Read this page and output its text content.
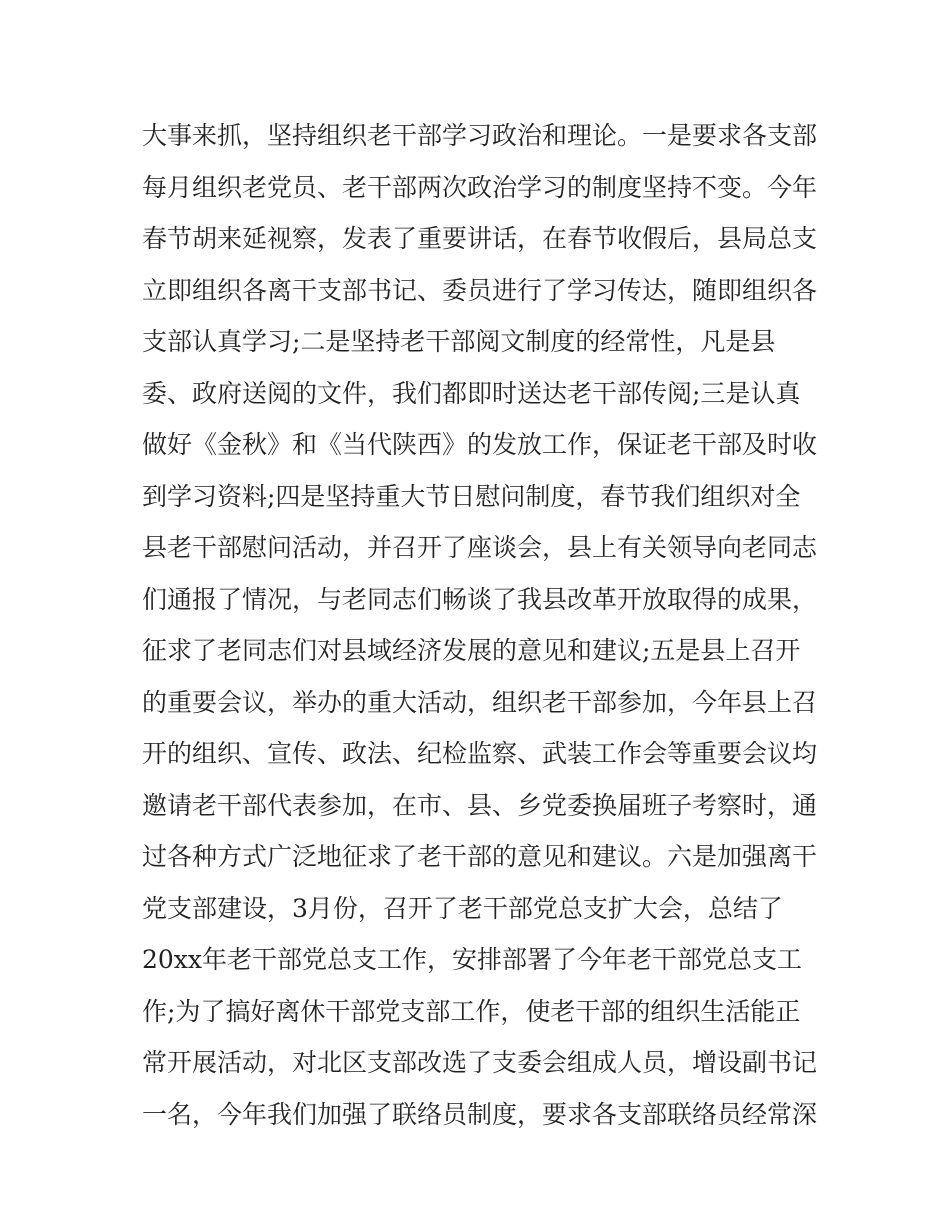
大事来抓，坚持组织老干部学习政治和理论。一是要求各支部
每月组织老党员、老干部两次政治学习的制度坚持不变。今年
春节胡来延视察，发表了重要讲话，在春节收假后，县局总支
立即组织各离干支部书记、委员进行了学习传达，随即组织各
支部认真学习;二是坚持老干部阅文制度的经常性，凡是县
委、政府送阅的文件，我们都即时送达老干部传阅;三是认真
做好《金秋》和《当代陕西》的发放工作，保证老干部及时收
到学习资料;四是坚持重大节日慰问制度，春节我们组织对全
县老干部慰问活动，并召开了座谈会，县上有关领导向老同志
们通报了情况，与老同志们畅谈了我县改革开放取得的成果，
征求了老同志们对县域经济发展的意见和建议;五是县上召开
的重要会议，举办的重大活动，组织老干部参加，今年县上召
开的组织、宣传、政法、纪检监察、武装工作会等重要会议均
邀请老干部代表参加，在市、县、乡党委换届班子考察时，通
过各种方式广泛地征求了老干部的意见和建议。六是加强离干
党支部建设，3月份，召开了老干部党总支扩大会，总结了
20xx年老干部党总支工作，安排部署了今年老干部党总支工
作;为了搞好离休干部党支部工作，使老干部的组织生活能正
常开展活动，对北区支部改选了支委会组成人员，增设副书记
一名，今年我们加强了联络员制度，要求各支部联络员经常深
